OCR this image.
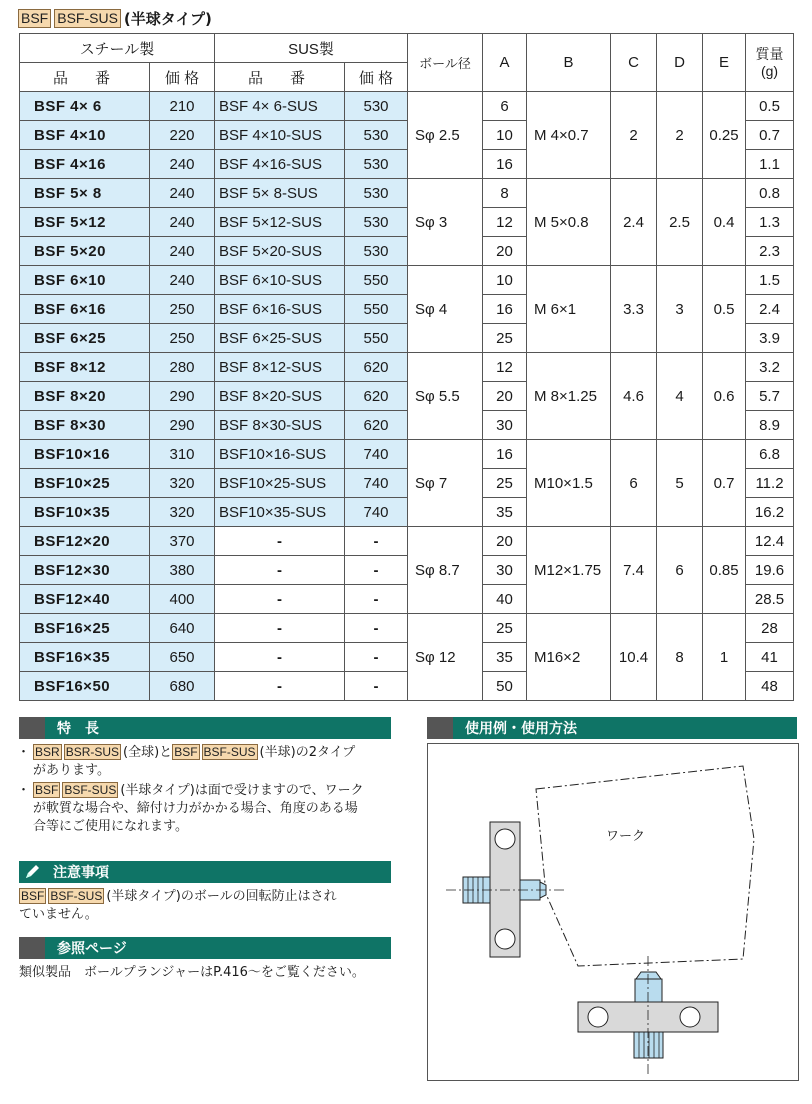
BSF BSF-SUS (半球タイプ)
スチール製		SUS製		ボール径	A	B	C	D	E	質量
(g)

品　番	価 格	品　番	価 格							
BSF 4× 6	210	BSF 4× 6-SUS	530	Sφ 2.5	6	M 4×0.7	2	2	0.25	0.5
BSF 4×10	220	BSF 4×10-SUS	530		10					0.7
BSF 4×16	240	BSF 4×16-SUS	530		16					1.1
BSF 5× 8	240	BSF 5× 8-SUS	530	Sφ 3	8	M 5×0.8	2.4	2.5	0.4	0.8
BSF 5×12	240	BSF 5×12-SUS	530		12					1.3
BSF 5×20	240	BSF 5×20-SUS	530		20					2.3
BSF 6×10	240	BSF 6×10-SUS	550	Sφ 4	10	M 6×1	3.3	3	0.5	1.5
BSF 6×16	250	BSF 6×16-SUS	550		16					2.4
BSF 6×25	250	BSF 6×25-SUS	550		25					3.9
BSF 8×12	280	BSF 8×12-SUS	620	Sφ 5.5	12	M 8×1.25	4.6	4	0.6	3.2
BSF 8×20	290	BSF 8×20-SUS	620		20					5.7
BSF 8×30	290	BSF 8×30-SUS	620		30					8.9
BSF10×16	310	BSF10×16-SUS	740	Sφ 7	16	M10×1.5	6	5	0.7	6.8
BSF10×25	320	BSF10×25-SUS	740		25					11.2
BSF10×35	320	BSF10×35-SUS	740		35					16.2
BSF12×20	370	-	-	Sφ 8.7	20	M12×1.75	7.4	6	0.85	12.4
BSF12×30	380	-	-		30					19.6
BSF12×40	400	-	-		40					28.5
BSF16×25	640	-	-	Sφ 12	25	M16×2	10.4	8	1	28
BSF16×35	650	-	-		35					41
BSF16×50	680	-	-		50					48
特　長
・ BSR BSR-SUS (全球)と BSF BSF-SUS (半球)の2タイプ
があります。
・ BSF BSF-SUS (半球タイプ)は面で受けますので、ワーク
が軟質な場合や、締付け力がかかる場合、角度のある場
合等にご使用になれます。
注意事項
BSF BSF-SUS (半球タイプ)のボールの回転防止はされ
ていません。
参照ページ
類似製品　ボールプランジャーはP.416〜をご覧ください。
使用例・使用方法
ワーク
